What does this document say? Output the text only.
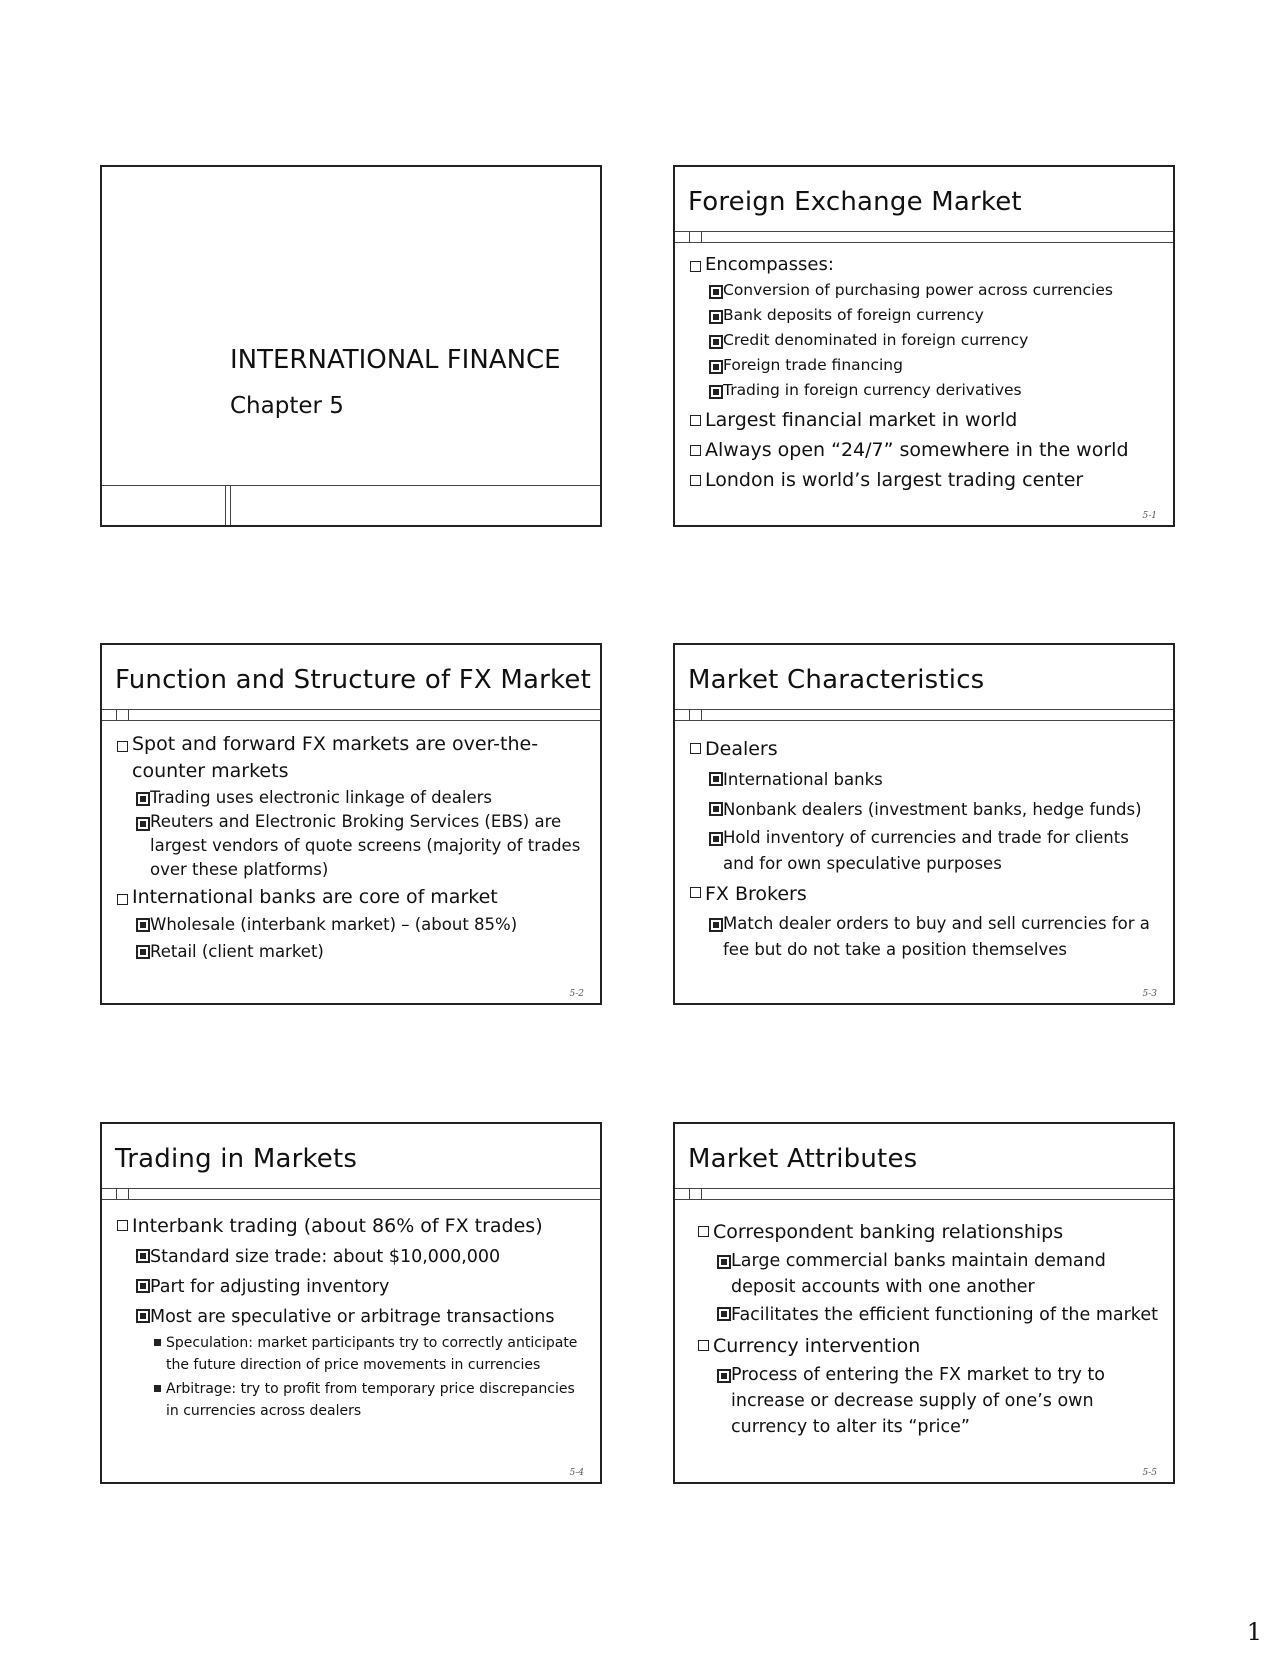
INTERNATIONAL FINANCE
Chapter 5
Foreign Exchange Market
Encompasses:
Conversion of purchasing power across currencies
Bank deposits of foreign currency
Credit denominated in foreign currency
Foreign trade financing
Trading in foreign currency derivatives
Largest financial market in world
Always open “24/7” somewhere in the world
London is world’s largest trading center
5-1
Function and Structure of FX Market
Spot and forward FX markets are over-the-counter markets
Trading uses electronic linkage of dealers
Reuters and Electronic Broking Services (EBS) are largest vendors of quote screens (majority of trades over these platforms)
International banks are core of market
Wholesale (interbank market) – (about 85%)
Retail (client market)
5-2
Market Characteristics
Dealers
International banks
Nonbank dealers (investment banks, hedge funds)
Hold inventory of currencies and trade for clients and for own speculative purposes
FX Brokers
Match dealer orders to buy and sell currencies for a fee but do not take a position themselves
5-3
Trading in Markets
Interbank trading (about 86% of FX trades)
Standard size trade: about $10,000,000
Part for adjusting inventory
Most are speculative or arbitrage transactions
Speculation: market participants try to correctly anticipate the future direction of price movements in currencies
Arbitrage: try to profit from temporary price discrepancies in currencies across dealers
5-4
Market Attributes
Correspondent banking relationships
Large commercial banks maintain demand deposit accounts with one another
Facilitates the efficient functioning of the market
Currency intervention
Process of entering the FX market to try to increase or decrease supply of one’s own currency to alter its “price”
5-5
1
